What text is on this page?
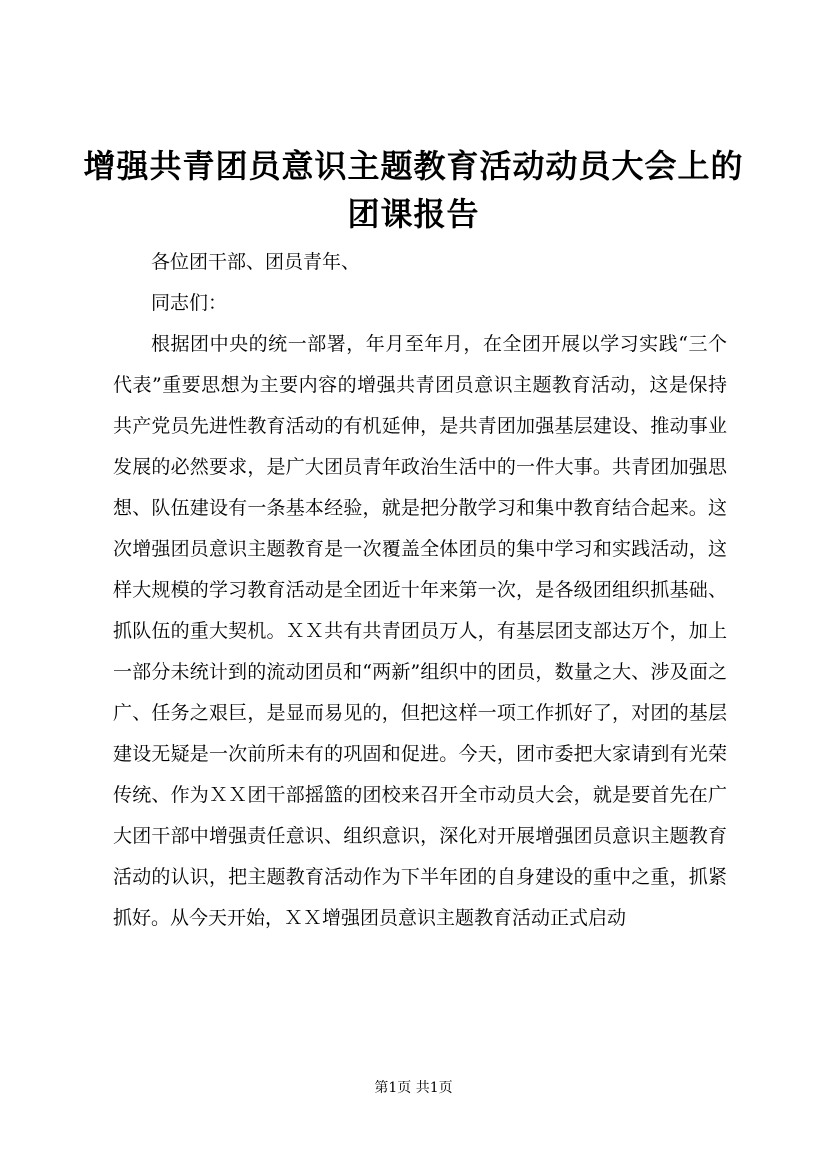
增强共青团员意识主题教育活动动员大会上的团课报告

各位团干部、团员青年、

同志们：

根据团中央的统一部署，年月至年月，在全团开展以学习实践“三个代表”重要思想为主要内容的增强共青团员意识主题教育活动，这是保持共产党员先进性教育活动的有机延伸，是共青团加强基层建设、推动事业发展的必然要求，是广大团员青年政治生活中的一件大事。共青团加强思想、队伍建设有一条基本经验，就是把分散学习和集中教育结合起来。这次增强团员意识主题教育是一次覆盖全体团员的集中学习和实践活动，这样大规模的学习教育活动是全团近十年来第一次，是各级团组织抓基础、抓队伍的重大契机。ＸＸ共有共青团员万人，有基层团支部达万个，加上一部分未统计到的流动团员和“两新”组织中的团员，数量之大、涉及面之广、任务之艰巨，是显而易见的，但把这样一项工作抓好了，对团的基层建设无疑是一次前所未有的巩固和促进。今天，团市委把大家请到有光荣传统、作为ＸＸ团干部摇篮的团校来召开全市动员大会，就是要首先在广大团干部中增强责任意识、组织意识，深化对开展增强团员意识主题教育活动的认识，把主题教育活动作为下半年团的自身建设的重中之重，抓紧抓好。从今天开始，ＸＸ增强团员意识主题教育活动正式启动

第1页 共1页
